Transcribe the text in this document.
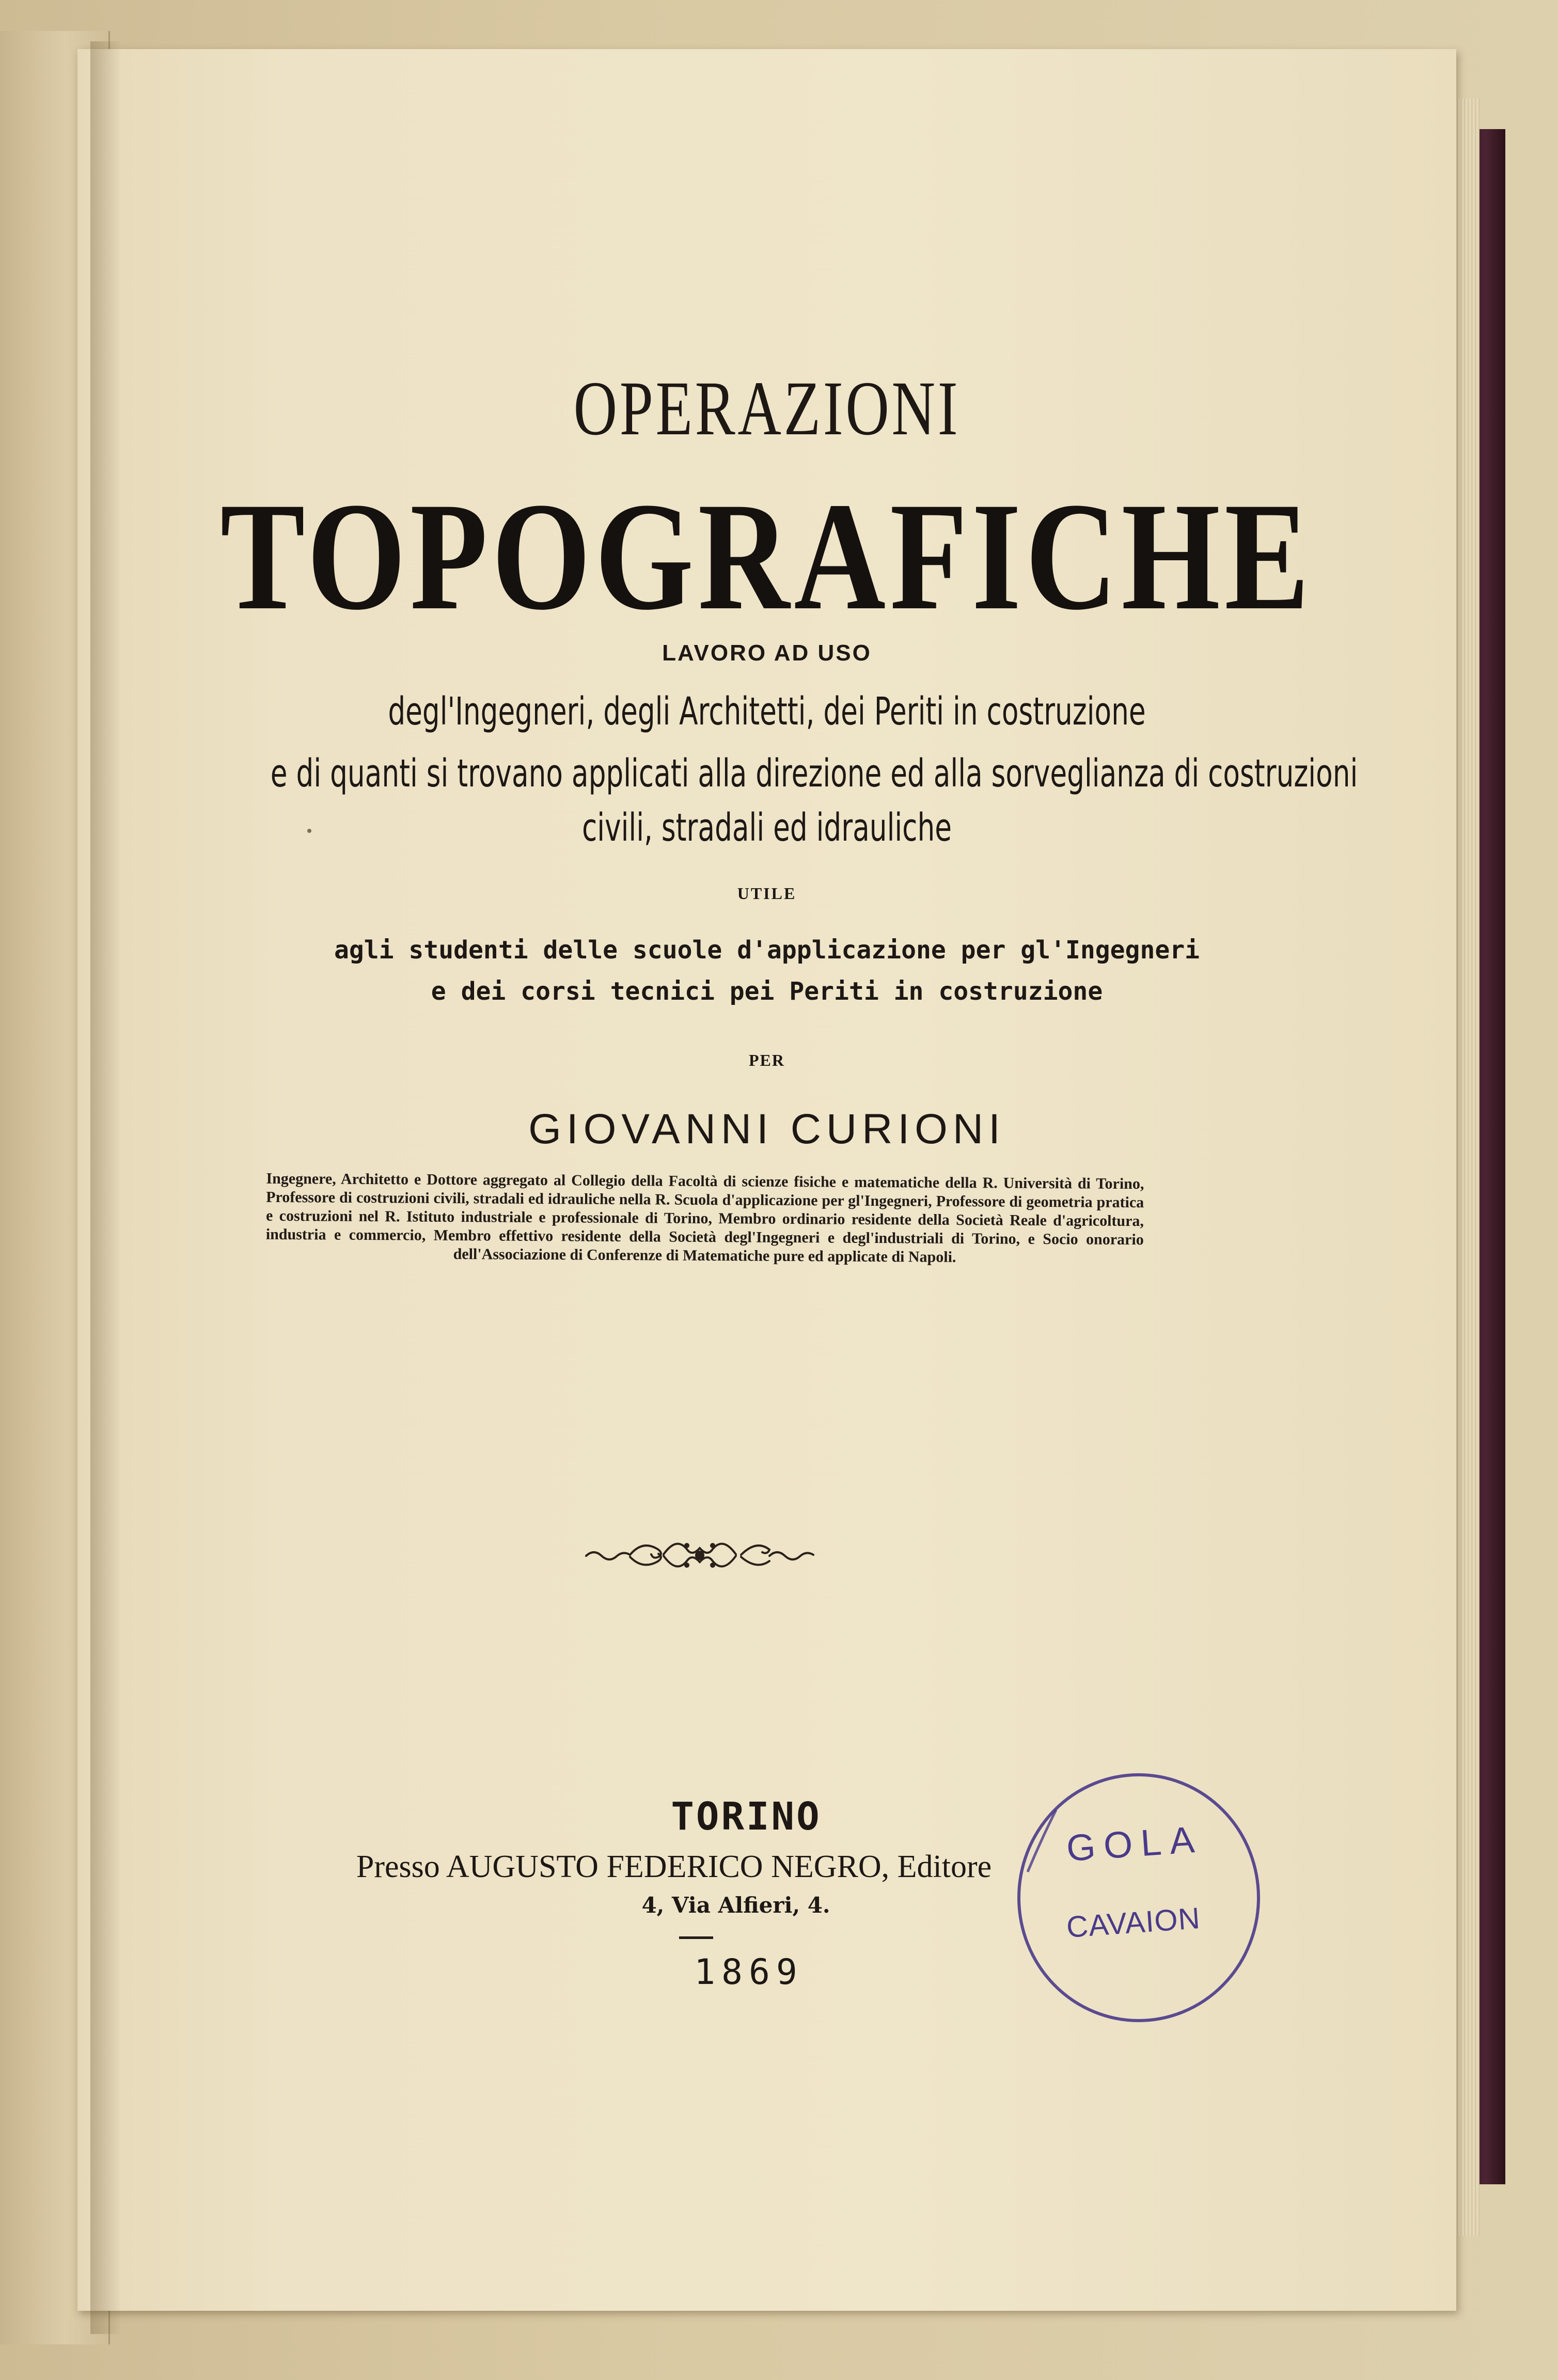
OPERAZIONI
TOPOGRAFICHE
LAVORO AD USO
degl'Ingegneri, degli Architetti, dei Periti in costruzione
e di quanti si trovano applicati alla direzione ed alla sorveglianza di costruzioni
civili, stradali ed idrauliche
UTILE
agli studenti delle scuole d'applicazione per gl'Ingegneri
e dei corsi tecnici pei Periti in costruzione
PER
GIOVANNI CURIONI
Ingegnere, Architetto e Dottore aggregato al Collegio della Facoltà di scienze fisiche e matematiche della R. Università di Torino, Professore di costruzioni civili, stradali ed idrauliche nella R. Scuola d'applicazione per gl'Ingegneri, Professore di geometria pratica e costruzioni nel R. Istituto industriale e professionale di Torino, Membro ordinario residente della Società Reale d'agricoltura, industria e commercio, Membro effettivo residente della Società degl'Ingegneri e degl'industriali di Torino, e Socio onorario dell'Associazione di Conferenze di Matematiche pure ed applicate di Napoli.
TORINO
Presso AUGUSTO FEDERICO NEGRO, Editore
4, Via Alfieri, 4.
1869
GOLA
CAVAION
